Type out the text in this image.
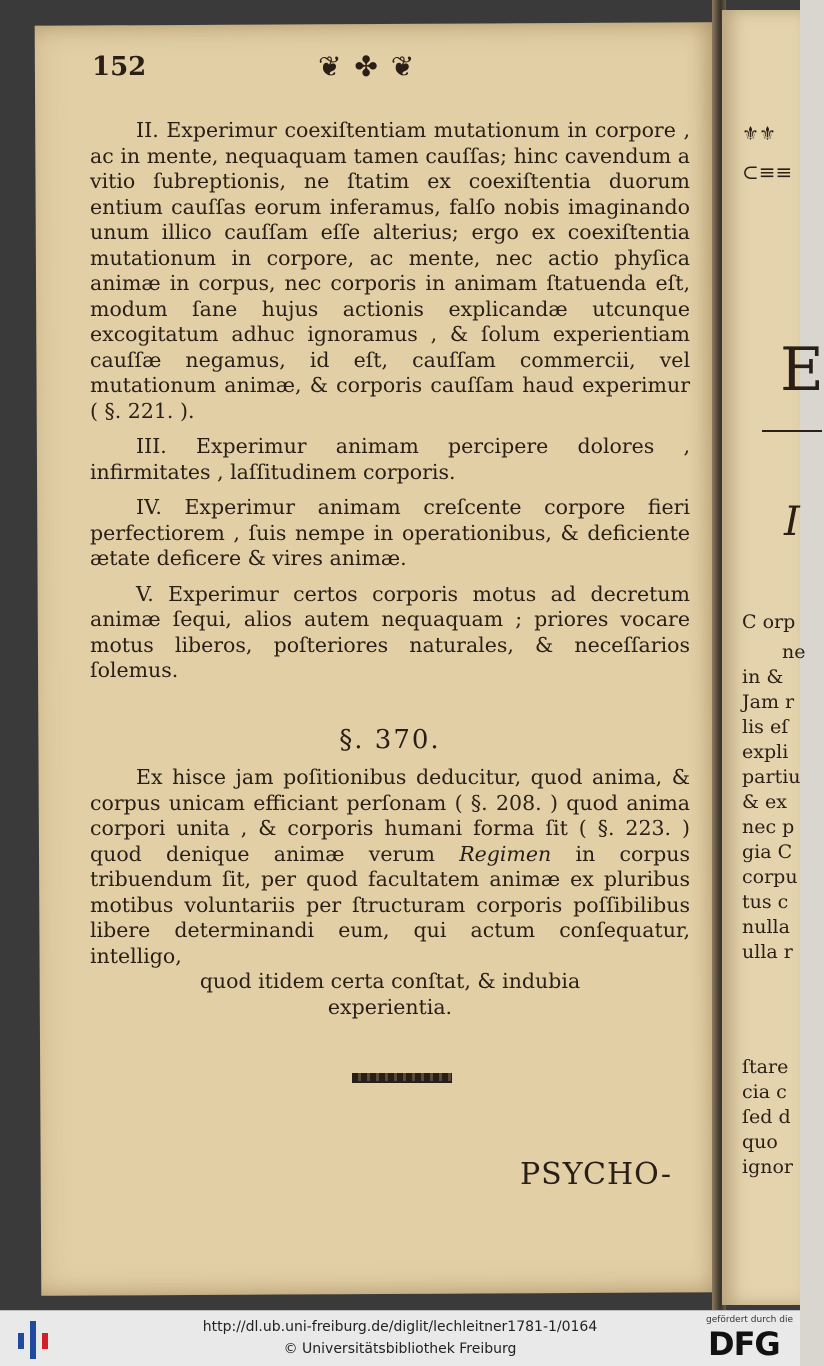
⚜⚜
⊂≡≡
E
I
C orp
ne
in &
Jam r
lis eſ
expli
partiu
& ex
nec p
gia C
corpu
tus c
nulla
ulla r
ſtare
cia c
ſed d
quo
ignor
152	❦ ✤ ❦

II. Experimur coexiſtentiam mutationum in corpore , ac in mente, nequaquam tamen cauſſas; hinc cavendum a vitio ſubreptionis, ne ſtatim ex coexiſtentia duorum entium cauſſas eorum inferamus, falſo nobis imaginando unum illico cauſſam eſſe alterius; ergo ex coexiſtentia mutationum in corpore, ac mente, nec actio phyſica animæ in corpus, nec corporis in animam ſtatuenda eſt, modum ſane hujus actionis explicandæ utcunque excogitatum adhuc ignoramus , & ſolum experientiam cauſſæ negamus, id eſt, cauſſam commercii, vel mutationum animæ, & corporis cauſſam haud experimur ( §. 221. ).

III. Experimur animam percipere dolores , infirmitates , laſſitudinem corporis.

IV. Experimur animam creſcente corpore fieri perfectiorem , ſuis nempe in operationibus, & deficiente ætate deficere & vires animæ.

V. Experimur certos corporis motus ad decretum animæ ſequi, alios autem nequaquam ; priores vocare motus liberos, poſteriores naturales, & neceſſarios ſolemus.

§. 370.

Ex hisce jam poſitionibus deducitur, quod anima, & corpus unicam efficiant perſonam ( §. 208. ) quod anima corpori unita , & corporis humani forma ſit ( §. 223. ) quod denique animæ verum Regimen in corpus tribuendum ſit, per quod facultatem animæ ex pluribus motibus voluntariis per ſtructuram corporis poſſibilibus libere determinandi eum, qui actum conſequatur, intelligo,

quod itidem certa conſtat, & indubia
experientia.
PSYCHO-
http://dl.ub.uni-freiburg.de/diglit/lechleitner1781-1/0164
© Universitätsbibliothek Freiburg
gefördert durch die
DFG
